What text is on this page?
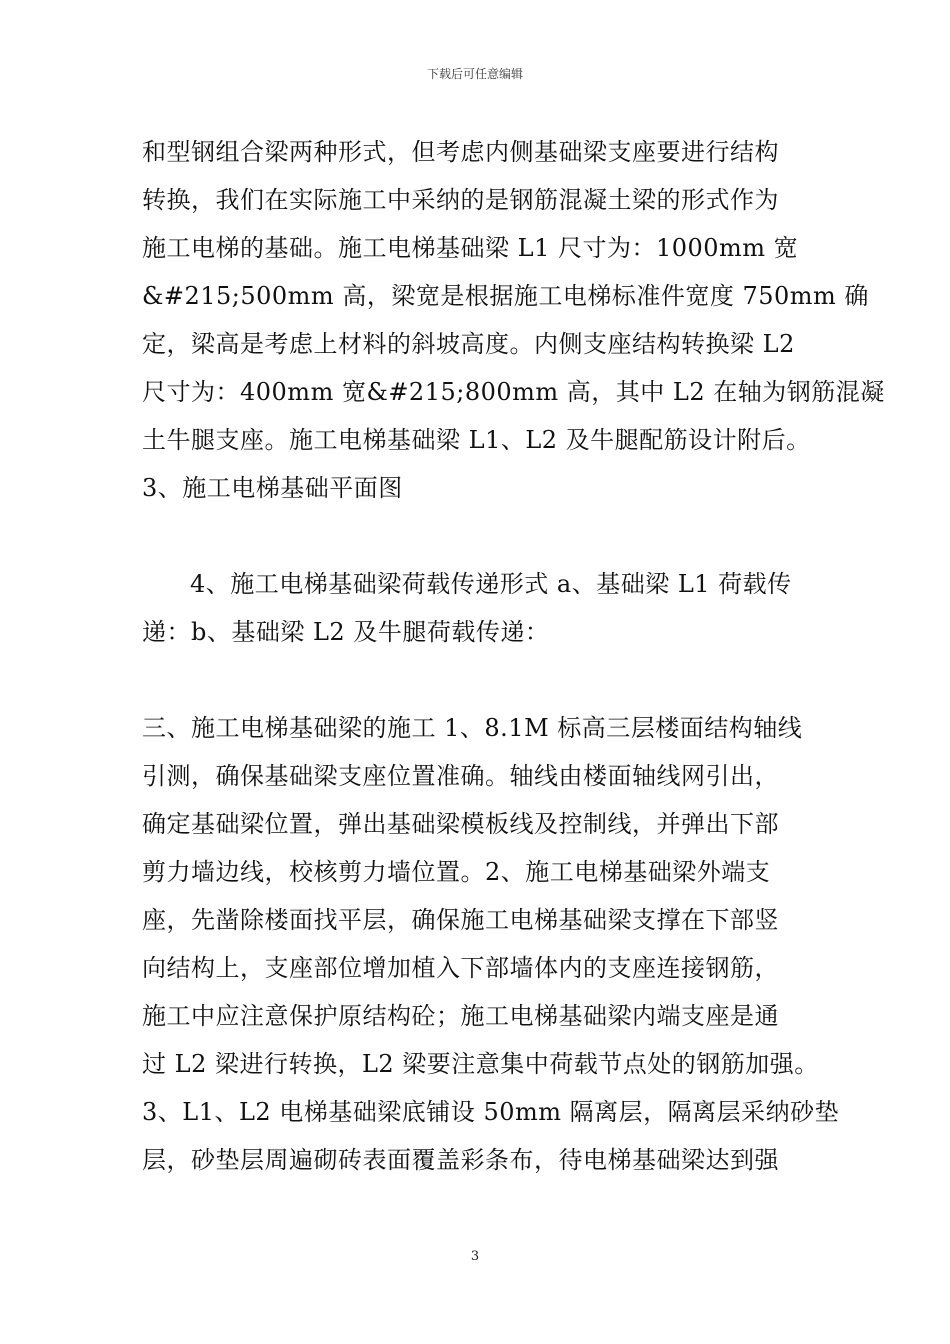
下载后可任意编辑
和型钢组合梁两种形式，但考虑内侧基础梁支座要进行结构
转换，我们在实际施工中采纳的是钢筋混凝土梁的形式作为
施工电梯的基础。施工电梯基础梁 L1 尺寸为：1000mm 宽
&#215;500mm 高，梁宽是根据施工电梯标准件宽度 750mm 确
定，梁高是考虑上材料的斜坡高度。内侧支座结构转换梁 L2
尺寸为：400mm 宽&#215;800mm 高，其中 L2 在轴为钢筋混凝
土牛腿支座。施工电梯基础梁 L1、L2 及牛腿配筋设计附后。
3、施工电梯基础平面图
4、施工电梯基础梁荷载传递形式 a、基础梁 L1 荷载传
递：b、基础梁 L2 及牛腿荷载传递：
三、施工电梯基础梁的施工 1、8.1M 标高三层楼面结构轴线
引测，确保基础梁支座位置准确。轴线由楼面轴线网引出，
确定基础梁位置，弹出基础梁模板线及控制线，并弹出下部
剪力墙边线，校核剪力墙位置。2、施工电梯基础梁外端支
座，先凿除楼面找平层，确保施工电梯基础梁支撑在下部竖
向结构上，支座部位增加植入下部墙体内的支座连接钢筋，
施工中应注意保护原结构砼；施工电梯基础梁内端支座是通
过 L2 梁进行转换，L2 梁要注意集中荷载节点处的钢筋加强。
3、L1、L2 电梯基础梁底铺设 50mm 隔离层，隔离层采纳砂垫
层，砂垫层周遍砌砖表面覆盖彩条布，待电梯基础梁达到强
3
